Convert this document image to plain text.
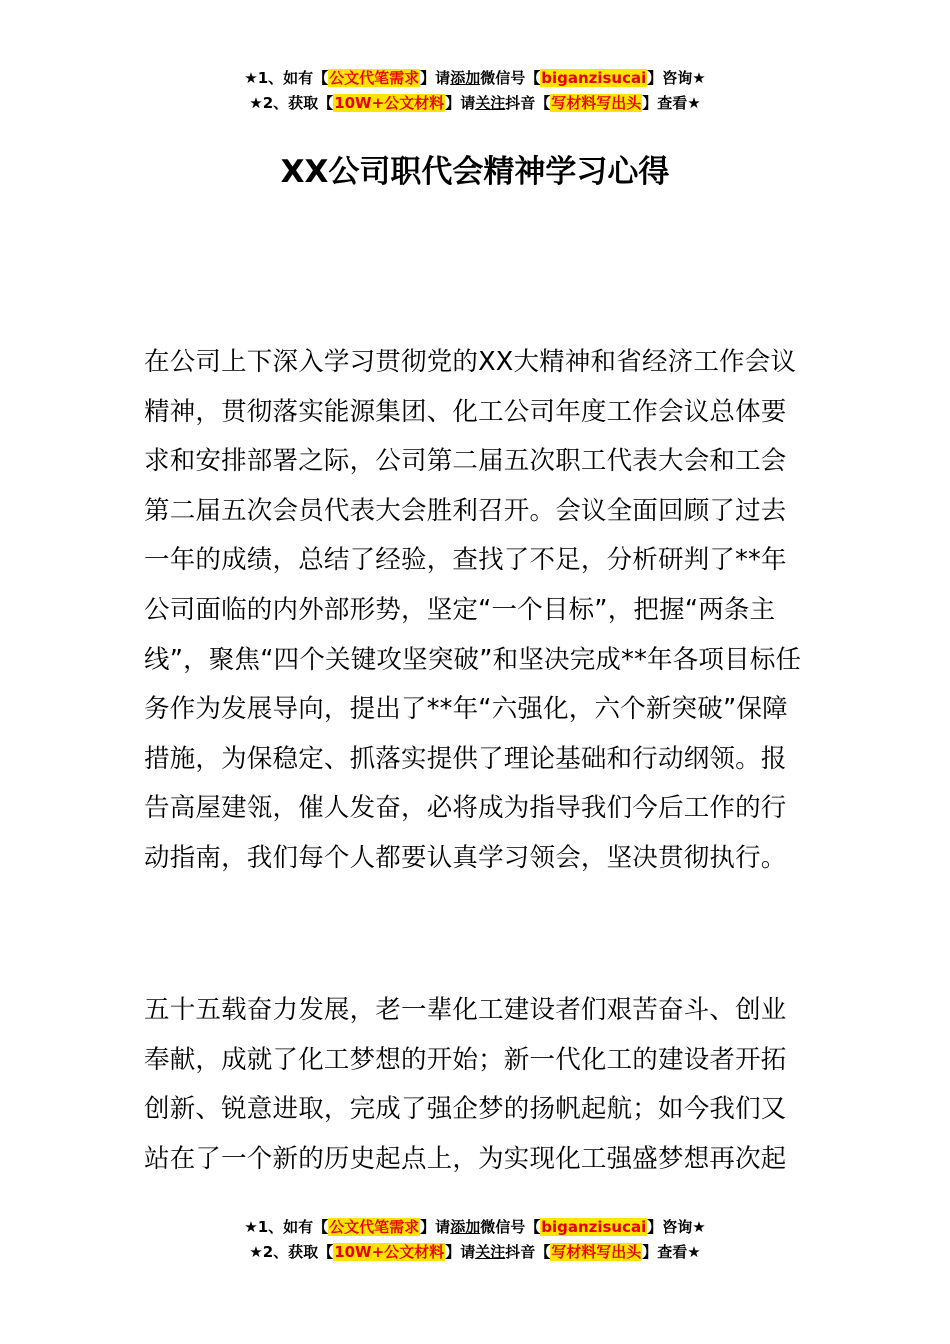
★1、如有【公文代笔需求】请添加微信号【biganzisucai】咨询★
★2、获取【10W+公文材料】请关注抖音【写材料写出头】查看★
XX公司职代会精神学习心得

在公司上下深入学习贯彻党的XX大精神和省经济工作会议精神，贯彻落实能源集团、化工公司年度工作会议总体要求和安排部署之际，公司第二届五次职工代表大会和工会第二届五次会员代表大会胜利召开。会议全面回顾了过去一年的成绩，总结了经验，查找了不足，分析研判了**年公司面临的内外部形势，坚定“一个目标”，把握“两条主线”，聚焦“四个关键攻坚突破”和坚决完成**年各项目标任务作为发展导向，提出了**年“六强化，六个新突破”保障措施，为保稳定、抓落实提供了理论基础和行动纲领。报告高屋建瓴，催人发奋，必将成为指导我们今后工作的行动指南，我们每个人都要认真学习领会，坚决贯彻执行。

五十五载奋力发展，老一辈化工建设者们艰苦奋斗、创业奉献，成就了化工梦想的开始；新一代化工的建设者开拓创新、锐意进取，完成了强企梦的扬帆起航；如今我们又站在了一个新的历史起点上，为实现化工强盛梦想再次起

★1、如有【公文代笔需求】请添加微信号【biganzisucai】咨询★
★2、获取【10W+公文材料】请关注抖音【写材料写出头】查看★
